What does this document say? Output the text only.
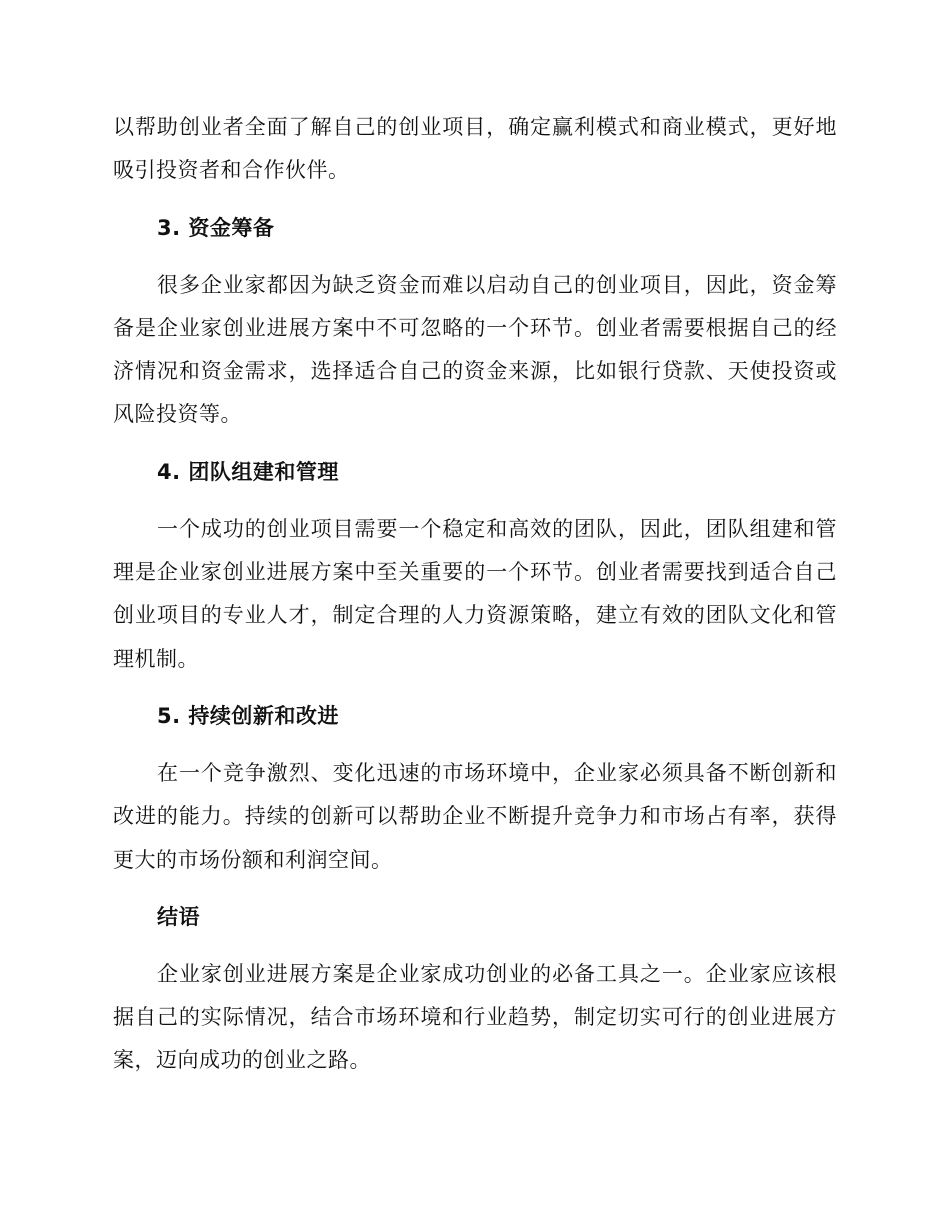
以帮助创业者全面了解自己的创业项目，确定赢利模式和商业模式，更好地吸引投资者和合作伙伴。

3. 资金筹备

很多企业家都因为缺乏资金而难以启动自己的创业项目，因此，资金筹备是企业家创业进展方案中不可忽略的一个环节。创业者需要根据自己的经济情况和资金需求，选择适合自己的资金来源，比如银行贷款、天使投资或风险投资等。

4. 团队组建和管理

一个成功的创业项目需要一个稳定和高效的团队，因此，团队组建和管理是企业家创业进展方案中至关重要的一个环节。创业者需要找到适合自己创业项目的专业人才，制定合理的人力资源策略，建立有效的团队文化和管理机制。

5. 持续创新和改进

在一个竞争激烈、变化迅速的市场环境中，企业家必须具备不断创新和改进的能力。持续的创新可以帮助企业不断提升竞争力和市场占有率，获得更大的市场份额和利润空间。

结语

企业家创业进展方案是企业家成功创业的必备工具之一。企业家应该根据自己的实际情况，结合市场环境和行业趋势，制定切实可行的创业进展方案，迈向成功的创业之路。
